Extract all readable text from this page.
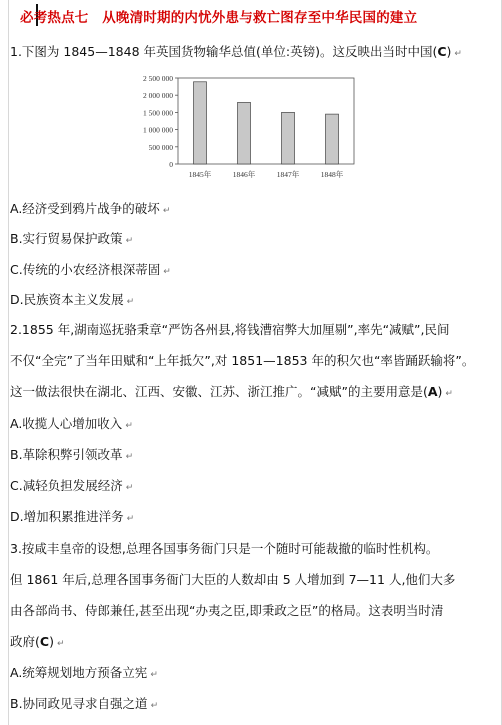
必考热点七　从晚清时期的内忧外患与救亡图存至中华民国的建立
1.下图为 1845—1848 年英国货物输华总值(单位:英镑)。这反映出当时中国(C) ↵
2 500 000
2 000 000
1 500 000
1 000 000
500 000
0
1845年	1846年	1847年	1848年
A.经济受到鸦片战争的破坏 ↵
B.实行贸易保护政策 ↵
C.传统的小农经济根深蒂固 ↵
D.民族资本主义发展 ↵
2.1855 年,湖南巡抚骆秉章“严饬各州县,将钱漕宿弊大加厘剔”,率先“减赋”,民间
不仅“全完”了当年田赋和“上年抵欠”,对 1851—1853 年的积欠也“率皆踊跃输将”。
这一做法很快在湖北、江西、安徽、江苏、浙江推广。“减赋”的主要用意是(A) ↵
A.收揽人心增加收入 ↵
B.革除积弊引领改革 ↵
C.减轻负担发展经济 ↵
D.增加积累推进洋务 ↵
3.按咸丰皇帝的设想,总理各国事务衙门只是一个随时可能裁撤的临时性机构。
但 1861 年后,总理各国事务衙门大臣的人数却由 5 人增加到 7—11 人,他们大多
由各部尚书、侍郎兼任,甚至出现“办夷之臣,即秉政之臣”的格局。这表明当时清
政府(C) ↵
A.统筹规划地方预备立宪 ↵
B.协同政见寻求自强之道 ↵
